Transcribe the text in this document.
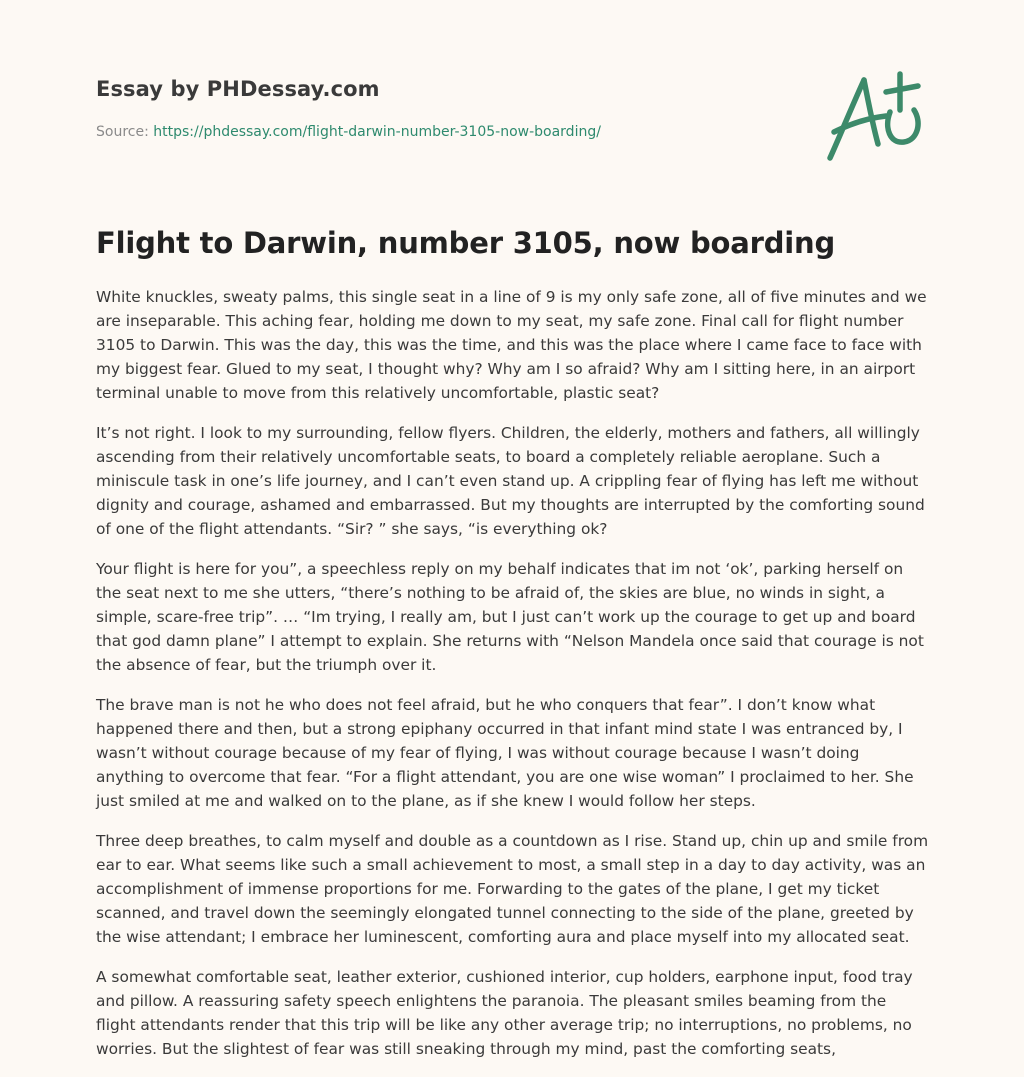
Essay by PHDessay.com
Source: https://phdessay.com/flight-darwin-number-3105-now-boarding/
Flight to Darwin, number 3105, now boarding

White knuckles, sweaty palms, this single seat in a line of 9 is my only safe zone, all of five minutes and we are inseparable. This aching fear, holding me down to my seat, my safe zone. Final call for flight number 3105 to Darwin. This was the day, this was the time, and this was the place where I came face to face with my biggest fear. Glued to my seat, I thought why? Why am I so afraid? Why am I sitting here, in an airport terminal unable to move from this relatively uncomfortable, plastic seat?

It’s not right. I look to my surrounding, fellow flyers. Children, the elderly, mothers and fathers, all willingly ascending from their relatively uncomfortable seats, to board a completely reliable aeroplane. Such a miniscule task in one’s life journey, and I can’t even stand up. A crippling fear of flying has left me without dignity and courage, ashamed and embarrassed. But my thoughts are interrupted by the comforting sound of one of the flight attendants. “Sir? ” she says, “is everything ok?

Your flight is here for you”, a speechless reply on my behalf indicates that im not ‘ok’, parking herself on the seat next to me she utters, “there’s nothing to be afraid of, the skies are blue, no winds in sight, a simple, scare-free trip”. … “Im trying, I really am, but I just can’t work up the courage to get up and board that god damn plane” I attempt to explain. She returns with “Nelson Mandela once said that courage is not the absence of fear, but the triumph over it.

The brave man is not he who does not feel afraid, but he who conquers that fear”. I don’t know what happened there and then, but a strong epiphany occurred in that infant mind state I was entranced by, I wasn’t without courage because of my fear of flying, I was without courage because I wasn’t doing anything to overcome that fear. “For a flight attendant, you are one wise woman” I proclaimed to her. She just smiled at me and walked on to the plane, as if she knew I would follow her steps.

Three deep breathes, to calm myself and double as a countdown as I rise. Stand up, chin up and smile from ear to ear. What seems like such a small achievement to most, a small step in a day to day activity, was an accomplishment of immense proportions for me. Forwarding to the gates of the plane, I get my ticket scanned, and travel down the seemingly elongated tunnel connecting to the side of the plane, greeted by the wise attendant; I embrace her luminescent, comforting aura and place myself into my allocated seat.

A somewhat comfortable seat, leather exterior, cushioned interior, cup holders, earphone input, food tray and pillow. A reassuring safety speech enlightens the paranoia. The pleasant smiles beaming from the flight attendants render that this trip will be like any other average trip; no interruptions, no problems, no worries. But the slightest of fear was still sneaking through my mind, past the comforting seats,
